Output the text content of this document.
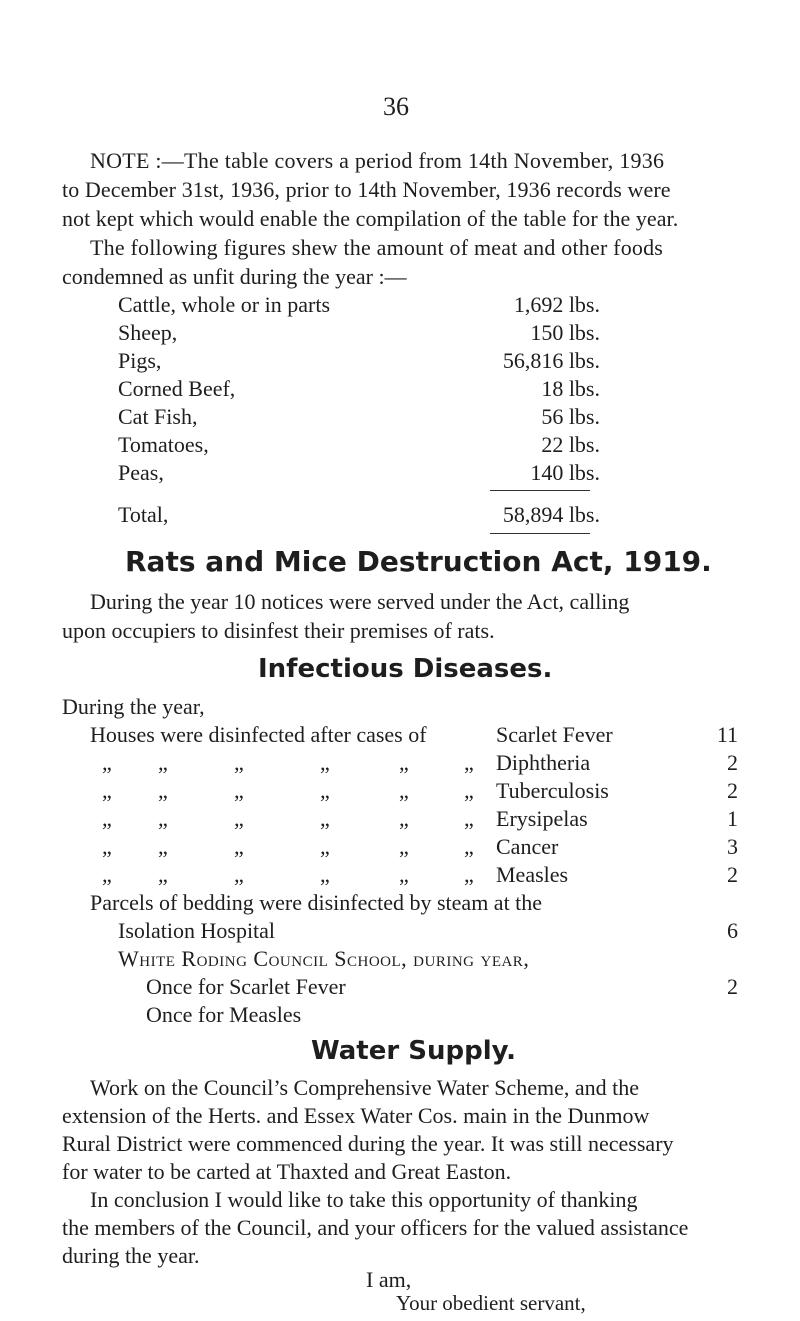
36
NOTE :—The table covers a period from 14th November, 1936
to December 31st, 1936, prior to 14th November, 1936 records were
not kept which would enable the compilation of the table for the year.
The following figures shew the amount of meat and other foods
condemned as unfit during the year :—
Cattle, whole or in parts	1,692 lbs.
Sheep,	150 lbs.
Pigs,	56,816 lbs.
Corned Beef,	18 lbs.
Cat Fish,	56 lbs.
Tomatoes,	22 lbs.
Peas,	140 lbs.
Total,	58,894 lbs.
Rats and Mice Destruction Act, 1919.
During the year 10 notices were served under the Act, calling
upon occupiers to disinfest their premises of rats.
Infectious Diseases.
During the year,
Houses were disinfected after cases of	Scarlet Fever	11
„ „	„	„	„	„ Diphtheria	2
„ „	„	„	„	„ Tuberculosis	2
„ „	„	„	„	„ Erysipelas	1
„ „	„	„	„	„ Cancer	3
„ „	„	„	„	„ Measles	2
Parcels of bedding were disinfected by steam at the
Isolation Hospital	6
White Roding Council School, during year,
Once for Scarlet Fever	2
Once for Measles
Water Supply.
Work on the Council’s Comprehensive Water Scheme, and the
extension of the Herts. and Essex Water Cos. main in the Dunmow
Rural District were commenced during the year. It was still necessary
for water to be carted at Thaxted and Great Easton.
In conclusion I would like to take this opportunity of thanking
the members of the Council, and your officers for the valued assistance
during the year.
I am,
Your obedient servant,
